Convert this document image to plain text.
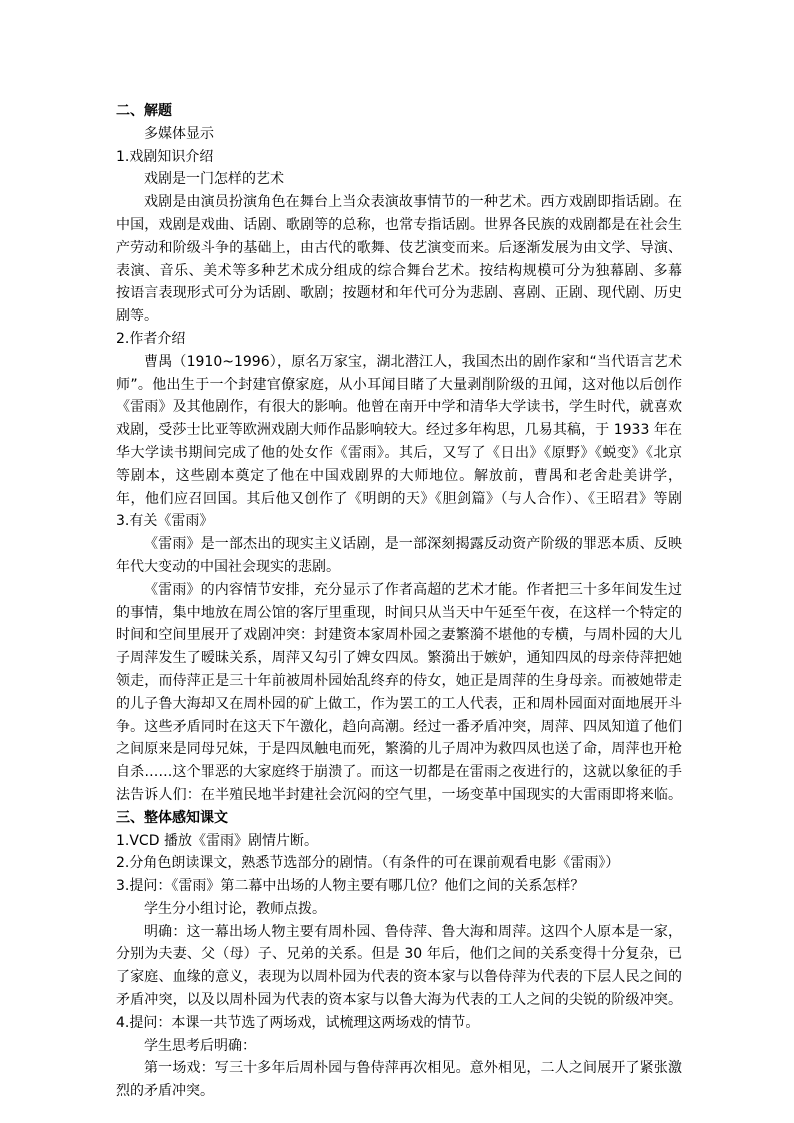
二、解题
多媒体显示
1.戏剧知识介绍
戏剧是一门怎样的艺术
戏剧是由演员扮演角色在舞台上当众表演故事情节的一种艺术。西方戏剧即指话剧。在
中国，戏剧是戏曲、话剧、歌剧等的总称，也常专指话剧。世界各民族的戏剧都是在社会生
产劳动和阶级斗争的基础上，由古代的歌舞、伎艺演变而来。后逐渐发展为由文学、导演、
表演、音乐、美术等多种艺术成分组成的综合舞台艺术。按结构规模可分为独幕剧、多幕
按语言表现形式可分为话剧、歌剧；按题材和年代可分为悲剧、喜剧、正剧、现代剧、历史
剧等。
2.作者介绍
曹禺（1910~1996），原名万家宝，湖北潜江人，我国杰出的剧作家和“当代语言艺术
师”。他出生于一个封建官僚家庭，从小耳闻目睹了大量剥削阶级的丑闻，这对他以后创作
《雷雨》及其他剧作，有很大的影响。他曾在南开中学和清华大学读书，学生时代，就喜欢
戏剧，受莎士比亚等欧洲戏剧大师作品影响较大。经过多年构思，几易其稿，于 1933 年在
华大学读书期间完成了他的处女作《雷雨》。其后，又写了《日出》《原野》《蜕变》《北京
等剧本，这些剧本奠定了他在中国戏剧界的大师地位。解放前，曹禺和老舍赴美讲学，
年，他们应召回国。其后他又创作了《明朗的天》《胆剑篇》（与人合作）、《王昭君》等剧
3.有关《雷雨》
《雷雨》是一部杰出的现实主义话剧，是一部深刻揭露反动资产阶级的罪恶本质、反映
年代大变动的中国社会现实的悲剧。
《雷雨》的内容情节安排，充分显示了作者高超的艺术才能。作者把三十多年间发生过
的事情，集中地放在周公馆的客厅里重现，时间只从当天中午延至午夜，在这样一个特定的
时间和空间里展开了戏剧冲突：封建资本家周朴园之妻繁漪不堪他的专横，与周朴园的大儿
子周萍发生了暧昧关系，周萍又勾引了婢女四凤。繁漪出于嫉妒，通知四凤的母亲侍萍把她
领走，而侍萍正是三十年前被周朴园始乱终弃的侍女，她正是周萍的生身母亲。而被她带走
的儿子鲁大海却又在周朴园的矿上做工，作为罢工的工人代表，正和周朴园面对面地展开斗
争。这些矛盾同时在这天下午激化，趋向高潮。经过一番矛盾冲突，周萍、四凤知道了他们
之间原来是同母兄妹，于是四凤触电而死，繁漪的儿子周冲为救四凤也送了命，周萍也开枪
自杀……这个罪恶的大家庭终于崩溃了。而这一切都是在雷雨之夜进行的，这就以象征的手
法告诉人们：在半殖民地半封建社会沉闷的空气里，一场变革中国现实的大雷雨即将来临。
三、整体感知课文
1.VCD 播放《雷雨》剧情片断。
2.分角色朗读课文，熟悉节选部分的剧情。（有条件的可在课前观看电影《雷雨》）
3.提问：《雷雨》第二幕中出场的人物主要有哪几位？他们之间的关系怎样？
学生分小组讨论，教师点拨。
明确：这一幕出场人物主要有周朴园、鲁侍萍、鲁大海和周萍。这四个人原本是一家，
分别为夫妻、父（母）子、兄弟的关系。但是 30 年后，他们之间的关系变得十分复杂，已
了家庭、血缘的意义，表现为以周朴园为代表的资本家与以鲁侍萍为代表的下层人民之间的
矛盾冲突，以及以周朴园为代表的资本家与以鲁大海为代表的工人之间的尖锐的阶级冲突。
4.提问：本课一共节选了两场戏，试梳理这两场戏的情节。
学生思考后明确：
第一场戏：写三十多年后周朴园与鲁侍萍再次相见。意外相见，二人之间展开了紧张激
烈的矛盾冲突。
